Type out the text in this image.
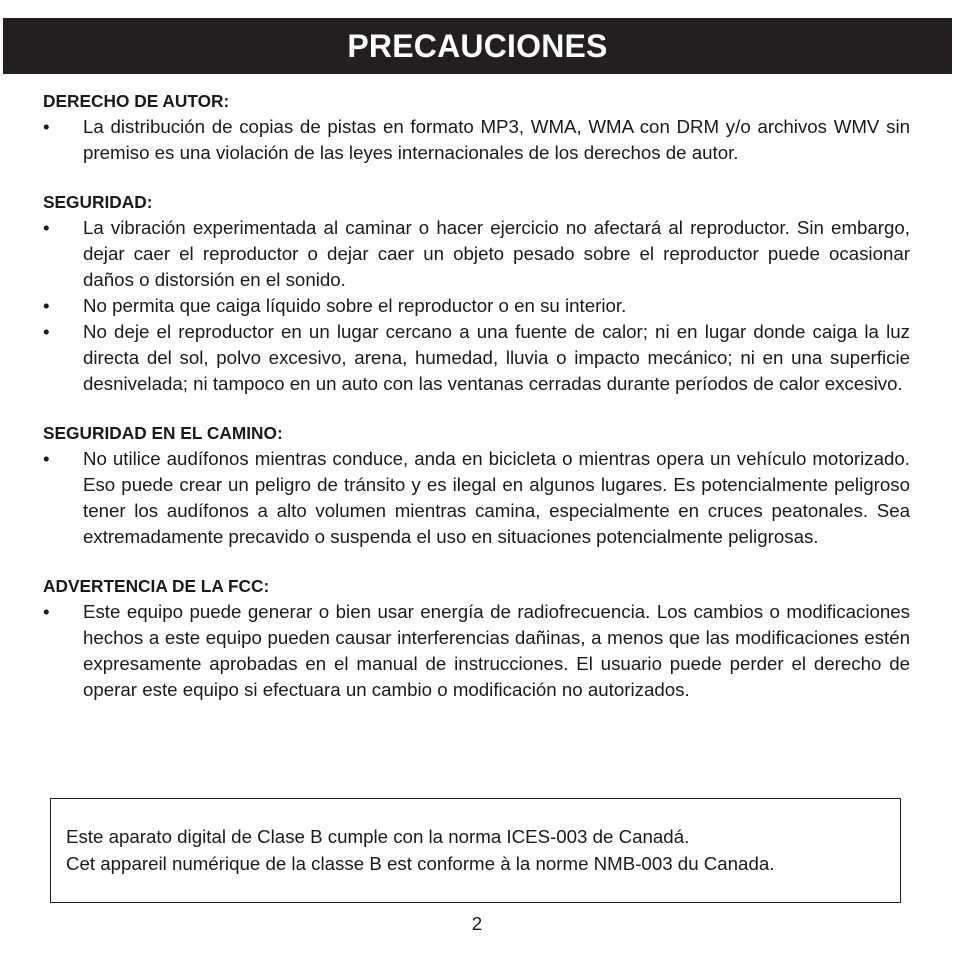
PRECAUCIONES
DERECHO DE AUTOR:
• La distribución de copias de pistas en formato MP3, WMA, WMA con DRM y/o archivos WMV sin premiso es una violación de las leyes internacionales de los derechos de autor.
SEGURIDAD:
• La vibración experimentada al caminar o hacer ejercicio no afectará al reproductor. Sin embargo, dejar caer el reproductor o dejar caer un objeto pesado sobre el reproductor puede ocasionar daños o distorsión en el sonido.
• No permita que caiga líquido sobre el reproductor o en su interior.
• No deje el reproductor en un lugar cercano a una fuente de calor; ni en lugar donde caiga la luz directa del sol, polvo excesivo, arena, humedad, lluvia o impacto mecánico; ni en una superficie desnivelada; ni tampoco en un auto con las ventanas cerradas durante períodos de calor excesivo.
SEGURIDAD EN EL CAMINO:
• No utilice audífonos mientras conduce, anda en bicicleta o mientras opera un vehículo motorizado. Eso puede crear un peligro de tránsito y es ilegal en algunos lugares. Es potencialmente peligroso tener los audífonos a alto volumen mientras camina, especialmente en cruces peatonales. Sea extremadamente precavido o suspenda el uso en situaciones potencialmente peligrosas.
ADVERTENCIA DE LA FCC:
• Este equipo puede generar o bien usar energía de radiofrecuencia. Los cambios o modificaciones hechos a este equipo pueden causar interferencias dañinas, a menos que las modificaciones estén expresamente aprobadas en el manual de instrucciones. El usuario puede perder el derecho de operar este equipo si efectuara un cambio o modificación no autorizados.

Este aparato digital de Clase B cumple con la norma ICES-003 de Canadá.

Cet appareil numérique de la classe B est conforme à la norme NMB-003 du Canada.

2
